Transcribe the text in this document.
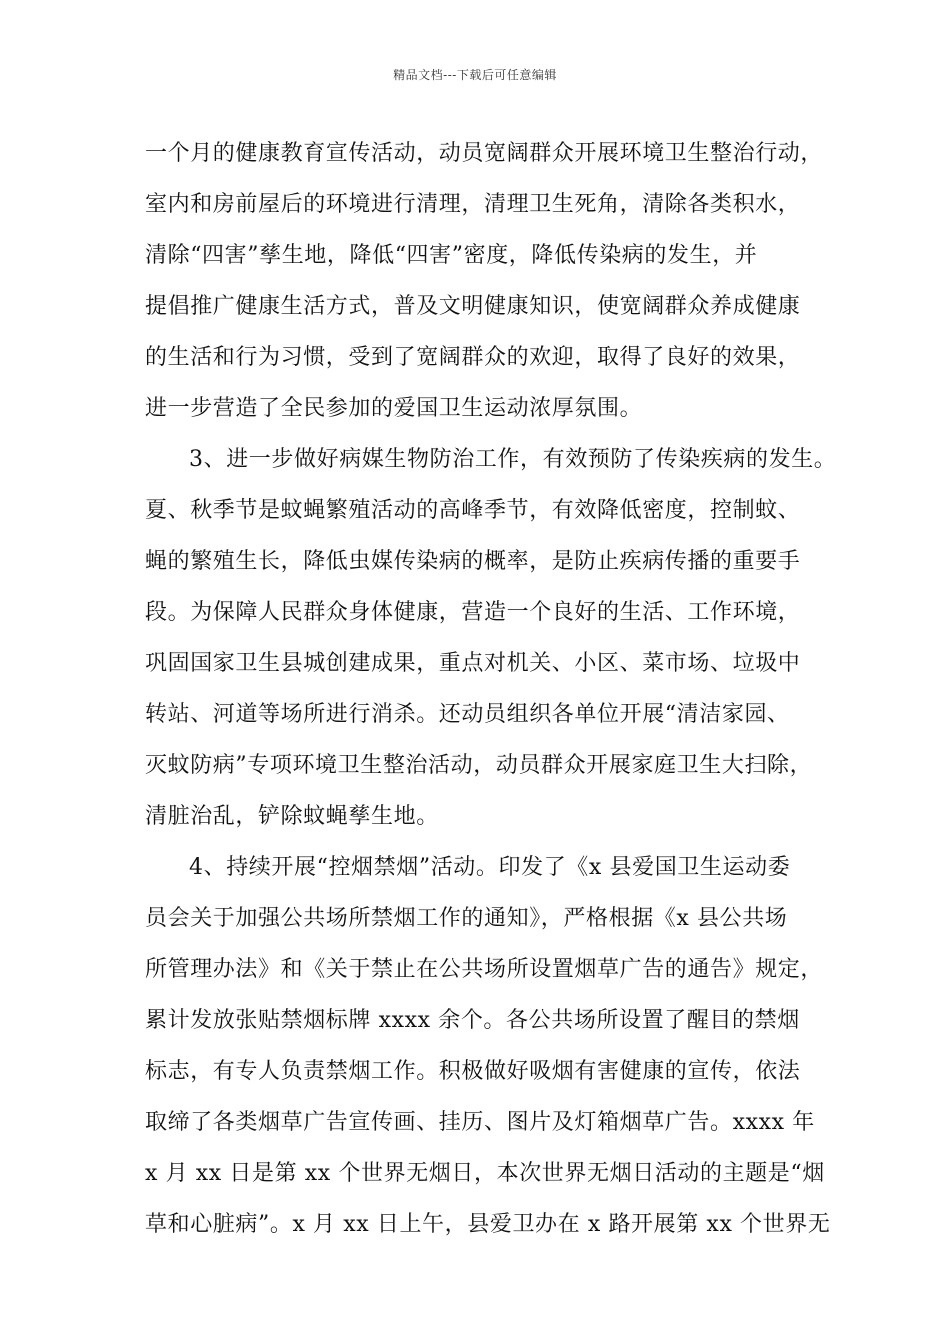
精品文档---下载后可任意编辑
一个月的健康教育宣传活动，动员宽阔群众开展环境卫生整治行动，
室内和房前屋后的环境进行清理，清理卫生死角，清除各类积水，
清除“四害”孳生地，降低“四害”密度，降低传染病的发生，并
提倡推广健康生活方式，普及文明健康知识，使宽阔群众养成健康
的生活和行为习惯，受到了宽阔群众的欢迎，取得了良好的效果，
进一步营造了全民参加的爱国卫生运动浓厚氛围。
3、进一步做好病媒生物防治工作，有效预防了传染疾病的发生。
夏、秋季节是蚊蝇繁殖活动的高峰季节，有效降低密度，控制蚊、
蝇的繁殖生长，降低虫媒传染病的概率，是防止疾病传播的重要手
段。为保障人民群众身体健康，营造一个良好的生活、工作环境，
巩固国家卫生县城创建成果，重点对机关、小区、菜市场、垃圾中
转站、河道等场所进行消杀。还动员组织各单位开展“清洁家园、
灭蚊防病”专项环境卫生整治活动，动员群众开展家庭卫生大扫除，
清脏治乱，铲除蚊蝇孳生地。
4、持续开展“控烟禁烟”活动。印发了《x 县爱国卫生运动委
员会关于加强公共场所禁烟工作的通知》，严格根据《x 县公共场
所管理办法》和《关于禁止在公共场所设置烟草广告的通告》规定，
累计发放张贴禁烟标牌 xxxx 余个。各公共场所设置了醒目的禁烟
标志，有专人负责禁烟工作。积极做好吸烟有害健康的宣传，依法
取缔了各类烟草广告宣传画、挂历、图片及灯箱烟草广告。xxxx 年
x 月 xx 日是第 xx 个世界无烟日，本次世界无烟日活动的主题是“烟
草和心脏病”。x 月 xx 日上午，县爱卫办在 x 路开展第 xx 个世界无
